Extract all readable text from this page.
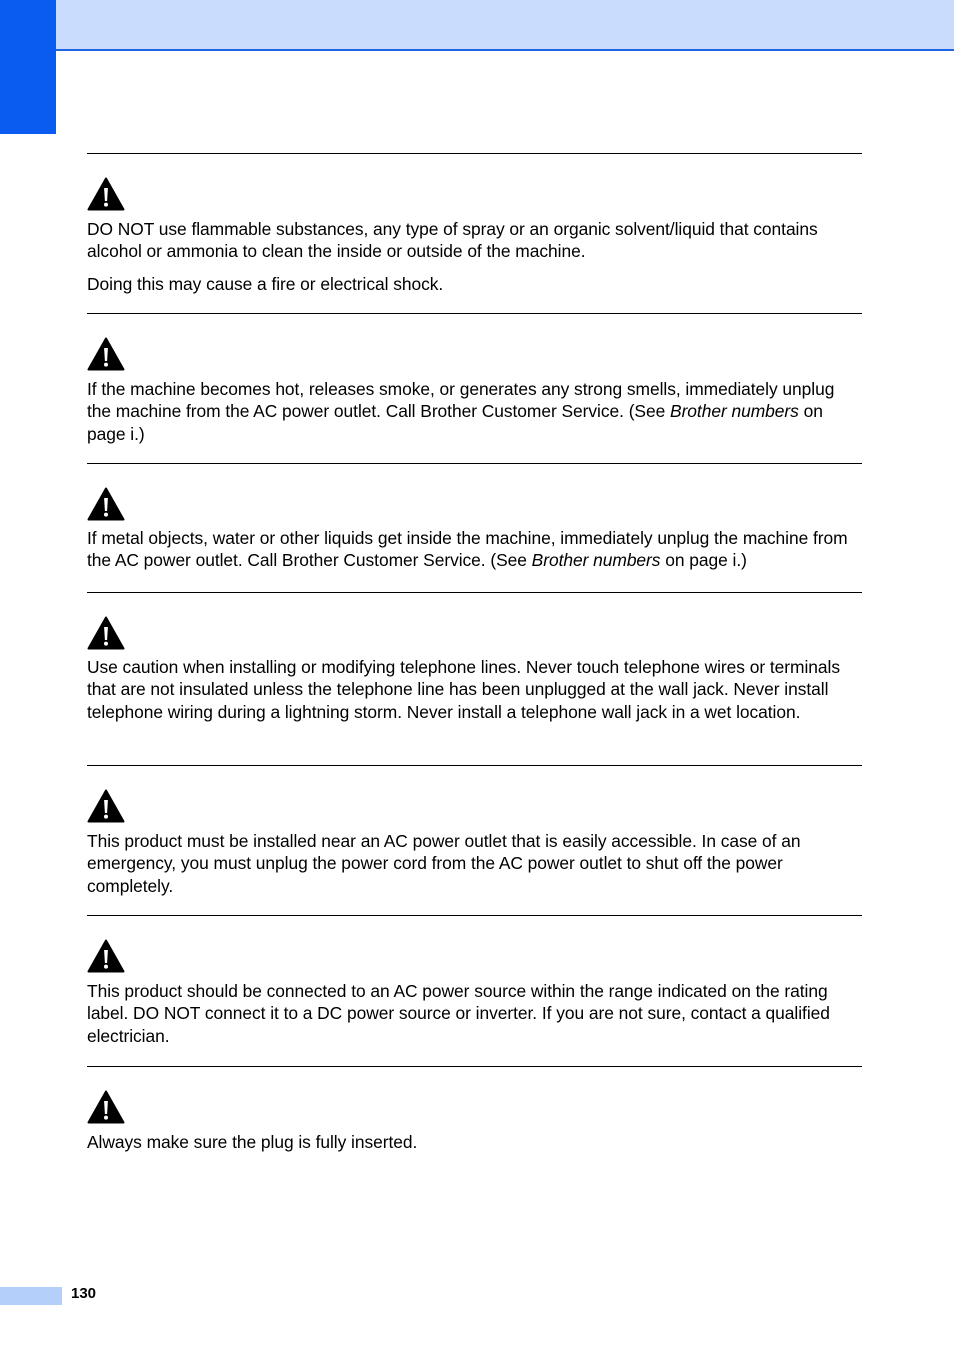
DO NOT use flammable substances, any type of spray or an organic solvent/liquid that contains alcohol or ammonia to clean the inside or outside of the machine.

Doing this may cause a fire or electrical shock.

If the machine becomes hot, releases smoke, or generates any strong smells, immediately unplug the machine from the AC power outlet. Call Brother Customer Service. (See Brother numbers on page i.)

If metal objects, water or other liquids get inside the machine, immediately unplug the machine from the AC power outlet. Call Brother Customer Service. (See Brother numbers on page i.)

Use caution when installing or modifying telephone lines. Never touch telephone wires or terminals that are not insulated unless the telephone line has been unplugged at the wall jack. Never install telephone wiring during a lightning storm. Never install a telephone wall jack in a wet location.

This product must be installed near an AC power outlet that is easily accessible. In case of an emergency, you must unplug the power cord from the AC power outlet to shut off the power completely.

This product should be connected to an AC power source within the range indicated on the rating label. DO NOT connect it to a DC power source or inverter. If you are not sure, contact a qualified electrician.

Always make sure the plug is fully inserted.

130
